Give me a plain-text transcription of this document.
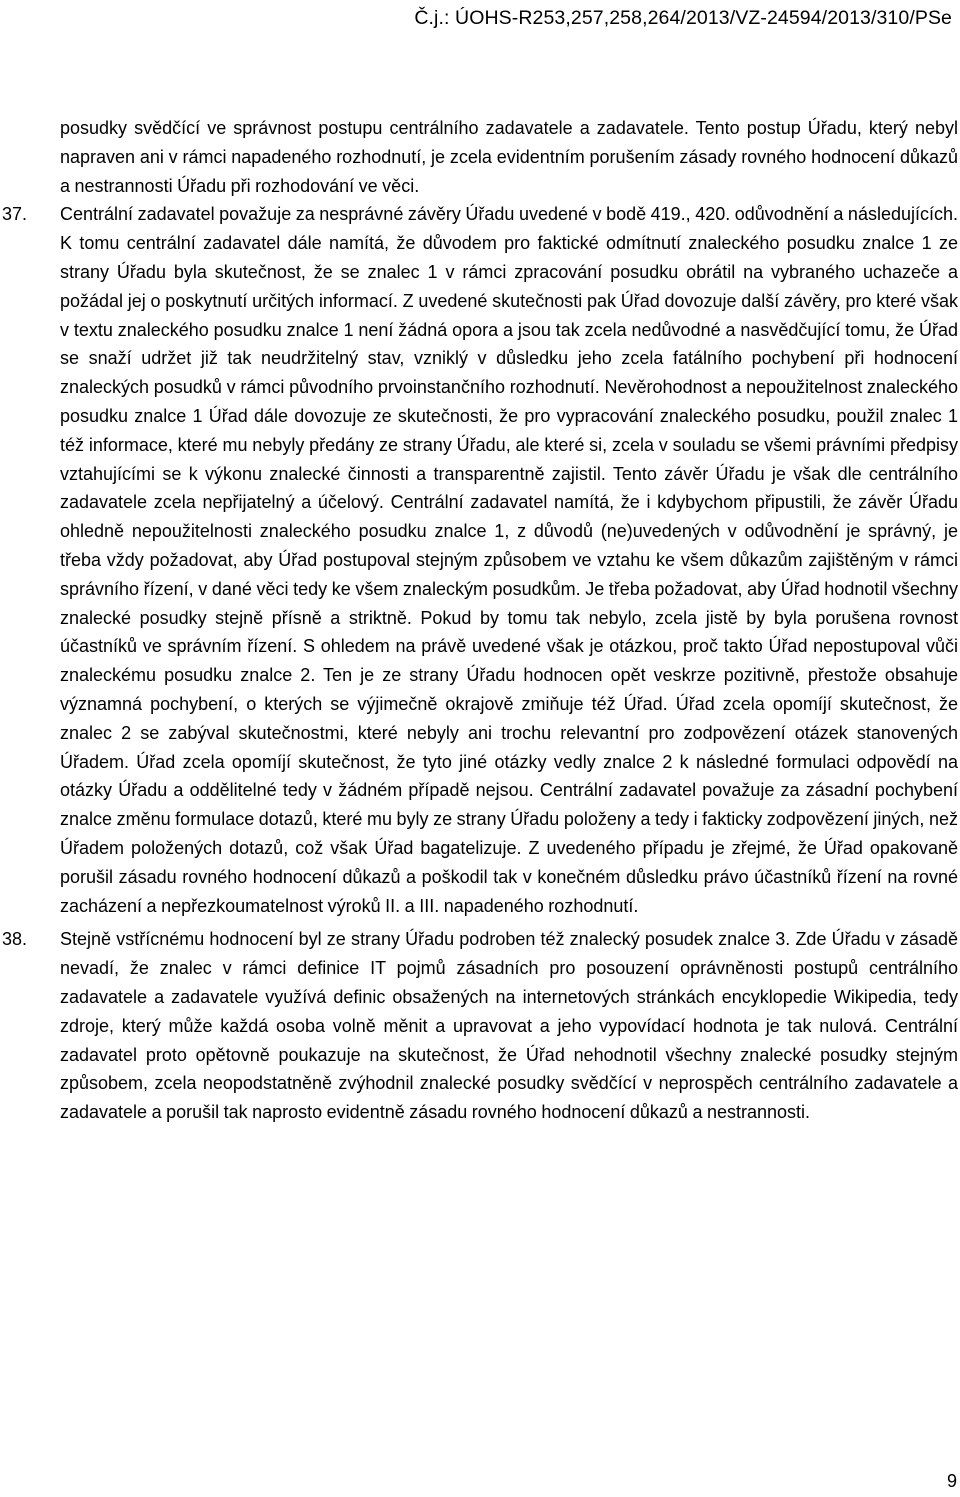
Č.j.: ÚOHS-R253,257,258,264/2013/VZ-24594/2013/310/PSe

posudky svědčící ve správnost postupu centrálního zadavatele a zadavatele. Tento postup Úřadu, který nebyl napraven ani v rámci napadeného rozhodnutí, je zcela evidentním porušením zásady rovného hodnocení důkazů a nestrannosti Úřadu při rozhodování ve věci.

37. Centrální zadavatel považuje za nesprávné závěry Úřadu uvedené v bodě 419., 420. odůvodnění a následujících. K tomu centrální zadavatel dále namítá, že důvodem pro faktické odmítnutí znaleckého posudku znalce 1 ze strany Úřadu byla skutečnost, že se znalec 1 v rámci zpracování posudku obrátil na vybraného uchazeče a požádal jej o poskytnutí určitých informací. Z uvedené skutečnosti pak Úřad dovozuje další závěry, pro které však v textu znaleckého posudku znalce 1 není žádná opora a jsou tak zcela nedůvodné a nasvědčující tomu, že Úřad se snaží udržet již tak neudržitelný stav, vzniklý v důsledku jeho zcela fatálního pochybení při hodnocení znaleckých posudků v rámci původního prvoinstančního rozhodnutí. Nevěrohodnost a nepoužitelnost znaleckého posudku znalce 1 Úřad dále dovozuje ze skutečnosti, že pro vypracování znaleckého posudku, použil znalec 1 též informace, které mu nebyly předány ze strany Úřadu, ale které si, zcela v souladu se všemi právními předpisy vztahujícími se k výkonu znalecké činnosti a transparentně zajistil. Tento závěr Úřadu je však dle centrálního zadavatele zcela nepřijatelný a účelový. Centrální zadavatel namítá, že i kdybychom připustili, že závěr Úřadu ohledně nepoužitelnosti znaleckého posudku znalce 1, z důvodů (ne)uvedených v odůvodnění je správný, je třeba vždy požadovat, aby Úřad postupoval stejným způsobem ve vztahu ke všem důkazům zajištěným v rámci správního řízení, v dané věci tedy ke všem znaleckým posudkům. Je třeba požadovat, aby Úřad hodnotil všechny znalecké posudky stejně přísně a striktně. Pokud by tomu tak nebylo, zcela jistě by byla porušena rovnost účastníků ve správním řízení. S ohledem na právě uvedené však je otázkou, proč takto Úřad nepostupoval vůči znaleckému posudku znalce 2. Ten je ze strany Úřadu hodnocen opět veskrze pozitivně, přestože obsahuje významná pochybení, o kterých se výjimečně okrajově zmiňuje též Úřad. Úřad zcela opomíjí skutečnost, že znalec 2 se zabýval skutečnostmi, které nebyly ani trochu relevantní pro zodpovězení otázek stanovených Úřadem. Úřad zcela opomíjí skutečnost, že tyto jiné otázky vedly znalce 2 k následné formulaci odpovědí na otázky Úřadu a oddělitelné tedy v žádném případě nejsou. Centrální zadavatel považuje za zásadní pochybení znalce změnu formulace dotazů, které mu byly ze strany Úřadu položeny a tedy i fakticky zodpovězení jiných, než Úřadem položených dotazů, což však Úřad bagatelizuje. Z uvedeného případu je zřejmé, že Úřad opakovaně porušil zásadu rovného hodnocení důkazů a poškodil tak v konečném důsledku právo účastníků řízení na rovné zacházení a nepřezkoumatelnost výroků II. a III. napadeného rozhodnutí.

38. Stejně vstřícnému hodnocení byl ze strany Úřadu podroben též znalecký posudek znalce 3. Zde Úřadu v zásadě nevadí, že znalec v rámci definice IT pojmů zásadních pro posouzení oprávněnosti postupů centrálního zadavatele a zadavatele využívá definic obsažených na internetových stránkách encyklopedie Wikipedia, tedy zdroje, který může každá osoba volně měnit a upravovat a jeho vypovídací hodnota je tak nulová. Centrální zadavatel proto opětovně poukazuje na skutečnost, že Úřad nehodnotil všechny znalecké posudky stejným způsobem, zcela neopodstatněně zvýhodnil znalecké posudky svědčící v neprospěch centrálního zadavatele a zadavatele a porušil tak naprosto evidentně zásadu rovného hodnocení důkazů a nestrannosti.

9
